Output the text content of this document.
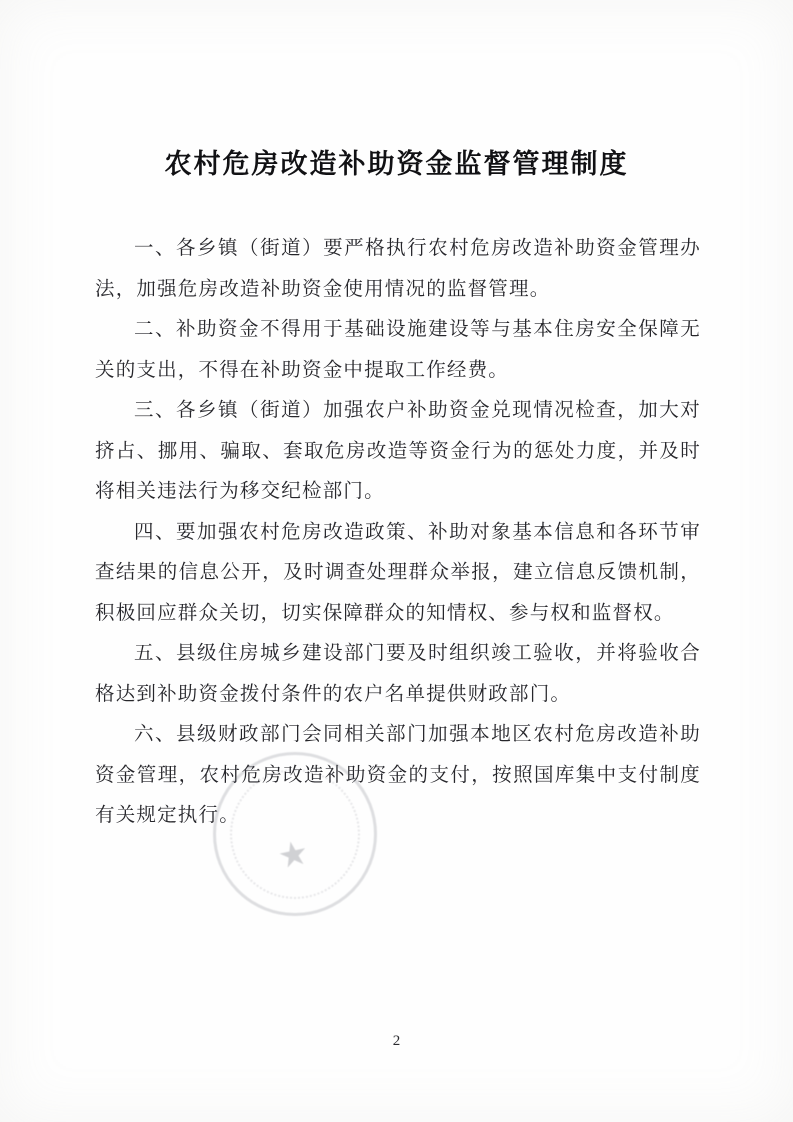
农村危房改造补助资金监督管理制度

一、各乡镇（街道）要严格执行农村危房改造补助资金管理办法，加强危房改造补助资金使用情况的监督管理。

二、补助资金不得用于基础设施建设等与基本住房安全保障无关的支出，不得在补助资金中提取工作经费。

三、各乡镇（街道）加强农户补助资金兑现情况检查，加大对挤占、挪用、骗取、套取危房改造等资金行为的惩处力度，并及时将相关违法行为移交纪检部门。

四、要加强农村危房改造政策、补助对象基本信息和各环节审查结果的信息公开，及时调查处理群众举报，建立信息反馈机制，积极回应群众关切，切实保障群众的知情权、参与权和监督权。

五、县级住房城乡建设部门要及时组织竣工验收，并将验收合格达到补助资金拨付条件的农户名单提供财政部门。

六、县级财政部门会同相关部门加强本地区农村危房改造补助资金管理，农村危房改造补助资金的支付，按照国库集中支付制度有关规定执行。

★
2
